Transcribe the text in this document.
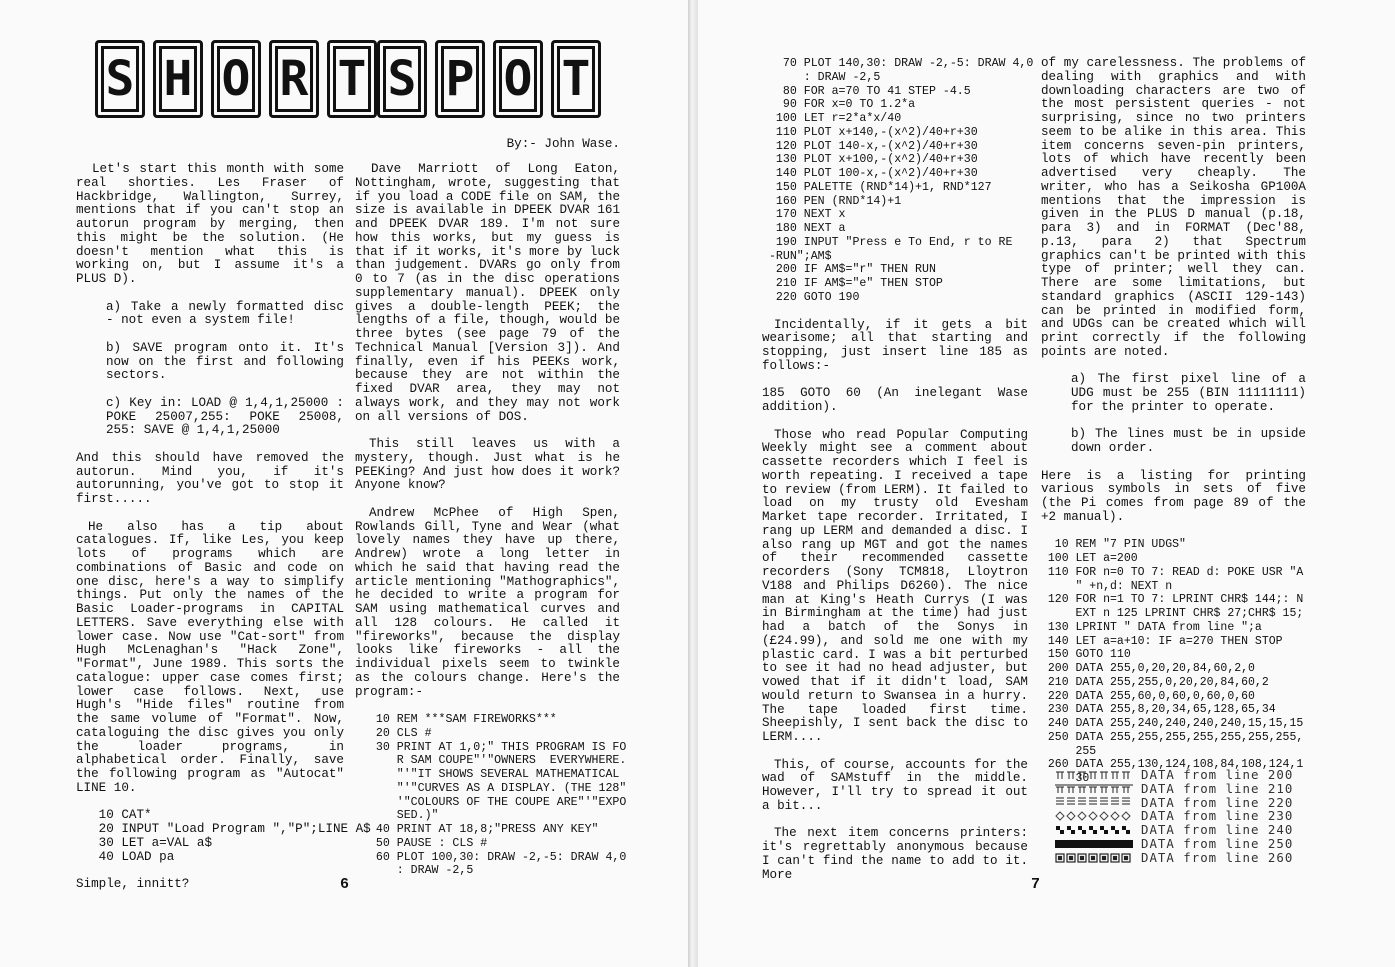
S H O R T S P O T
By:- John Wase.

Let's start this month with some real shorties. Les Fraser of Hackbridge, Wallington, Surrey, mentions that if you can't stop an autorun program by merging, then this might be the solution. (He doesn't mention what this is working on, but I assume it's a PLUS D).

a) Take a newly formatted disc - not even a system file!

b) SAVE program onto it. It's now on the first and following sectors.

c) Key in: LOAD @ 1,4,1,25000 : POKE 25007,255: POKE 25008, 255: SAVE @ 1,4,1,25000

And this should have removed the autorun. Mind you, if it's autorunning, you've got to stop it first.....

He also has a tip about catalogues. If, like Les, you keep lots of programs which are combinations of Basic and code on one disc, here's a way to simplify things. Put only the names of the Basic Loader-programs in CAPITAL LETTERS. Save everything else with lower case. Now use "Cat-sort" from Hugh McLenaghan's "Hack Zone", "Format", June 1989. This sorts the catalogue: upper case comes first; lower case follows. Next, use Hugh's "Hide files" routine from the same volume of "Format". Now, cataloguing the disc gives you only the loader programs, in alphabetical order. Finally, save the following program as "Autocat" LINE 10.

10 CAT*
20 INPUT "Load Program ","P";LINE A$
30 LET a=VAL a$
40 LOAD pa

Simple, innitt?

Dave Marriott of Long Eaton, Nottingham, wrote, suggesting that if you load a CODE file on SAM, the size is available in DPEEK DVAR 161 and DPEEK DVAR 189. I'm not sure how this works, but my guess is that if it works, it's more by luck than judgement. DVARs go only from 0 to 7 (as in the disc operations supplementary manual). DPEEK only gives a double-length PEEK; the lengths of a file, though, would be three bytes (see page 79 of the Technical Manual [Version 3]). And finally, even if his PEEKs work, because they are not within the fixed DVAR area, they may not always work, and they may not work on all versions of DOS.

This still leaves us with a mystery, though. Just what is he PEEKing? And just how does it work? Anyone know?

Andrew McPhee of High Spen, Rowlands Gill, Tyne and Wear (what lovely names they have up there, Andrew) wrote a long letter in which he said that having read the article mentioning "Mathographics", he decided to write a program for SAM using mathematical curves and all 128 colours. He called it "fireworks", because the display looks like fireworks - all the individual pixels seem to twinkle as the colours change. Here's the program:-

10 REM ***SAM FIREWORKS***
20 CLS #
30 PRINT AT 1,0;" THIS PROGRAM IS FO
R SAM COUPE"'"OWNERS  EVERYWHERE.
"'"IT SHOWS SEVERAL MATHEMATICAL
"'"CURVES AS A DISPLAY. (THE 128"
'"COLOURS OF THE COUPE ARE"'"EXPO
SED.)"
40 PRINT AT 18,8;"PRESS ANY KEY"
50 PAUSE : CLS #
60 PLOT 100,30: DRAW -2,-5: DRAW 4,0
: DRAW -2,5
6
70 PLOT 140,30: DRAW -2,-5: DRAW 4,0
: DRAW -2,5
80 FOR a=70 TO 41 STEP -4.5
90 FOR x=0 TO 1.2*a
100 LET r=2*a*x/40
110 PLOT x+140,-(x^2)/40+r+30
120 PLOT 140-x,-(x^2)/40+r+30
130 PLOT x+100,-(x^2)/40+r+30
140 PLOT 100-x,-(x^2)/40+r+30
150 PALETTE (RND*14)+1, RND*127
160 PEN (RND*14)+1
170 NEXT x
180 NEXT a
190 INPUT "Press e To End, r to RE
-RUN";AM$
200 IF AM$="r" THEN RUN
210 IF AM$="e" THEN STOP
220 GOTO 190

Incidentally, if it gets a bit wearisome; all that starting and stopping, just insert line 185 as follows:-

185 GOTO 60 (An inelegant Wase addition).

Those who read Popular Computing Weekly might see a comment about cassette recorders which I feel is worth repeating. I received a tape to review (from LERM). It failed to load on my trusty old Evesham Market tape recorder. Irritated, I rang up LERM and demanded a disc. I also rang up MGT and got the names of their recommended cassette recorders (Sony TCM818, Lloytron V188 and Philips D6260). The nice man at King's Heath Currys (I was in Birmingham at the time) had just had a batch of the Sonys in (£24.99), and sold me one with my plastic card. I was a bit perturbed to see it had no head adjuster, but vowed that if it didn't load, SAM would return to Swansea in a hurry. The tape loaded first time. Sheepishly, I sent back the disc to LERM....

This, of course, accounts for the wad of SAMstuff in the middle. However, I'll try to spread it out a bit...

The next item concerns printers: it's regrettably anonymous because I can't find the name to add to it. More

of my carelessness. The problems of dealing with graphics and with downloading characters are two of the most persistent queries - not surprising, since no two printers seem to be alike in this area. This item concerns seven-pin printers, lots of which have recently been advertised very cheaply. The writer, who has a Seikosha GP100A mentions that the impression is given in the PLUS D manual (p.18, para 3) and in FORMAT (Dec'88, p.13, para 2) that Spectrum graphics can't be printed with this type of printer; well they can. There are some limitations, but standard graphics (ASCII 129-143) can be printed in modified form, and UDGs can be created which will print correctly if the following points are noted.

a) The first pixel line of a UDG must be 255 (BIN 11111111) for the printer to operate.

b) The lines must be in upside down order.

Here is a listing for printing various symbols in sets of five (the Pi comes from page 89 of the +2 manual).

10 REM "7 PIN UDGS"
100 LET a=200
110 FOR n=0 TO 7: READ d: POKE USR "A
" +n,d: NEXT n
120 FOR n=1 TO 7: LPRINT CHR$ 144;: N
EXT n 125 LPRINT CHR$ 27;CHR$ 15;
130 LPRINT " DATA from line ";a
140 LET a=a+10: IF a=270 THEN STOP
150 GOTO 110
200 DATA 255,0,20,20,84,60,2,0
210 DATA 255,255,0,20,20,84,60,2
220 DATA 255,60,0,60,0,60,0,60
230 DATA 255,8,20,34,65,128,65,34
240 DATA 255,240,240,240,240,15,15,15
250 DATA 255,255,255,255,255,255,255,
255
260 DATA 255,130,124,108,84,108,124,1
30
7
DATA from line 200
DATA from line 210
DATA from line 220
DATA from line 230
DATA from line 240
DATA from line 250
DATA from line 260
